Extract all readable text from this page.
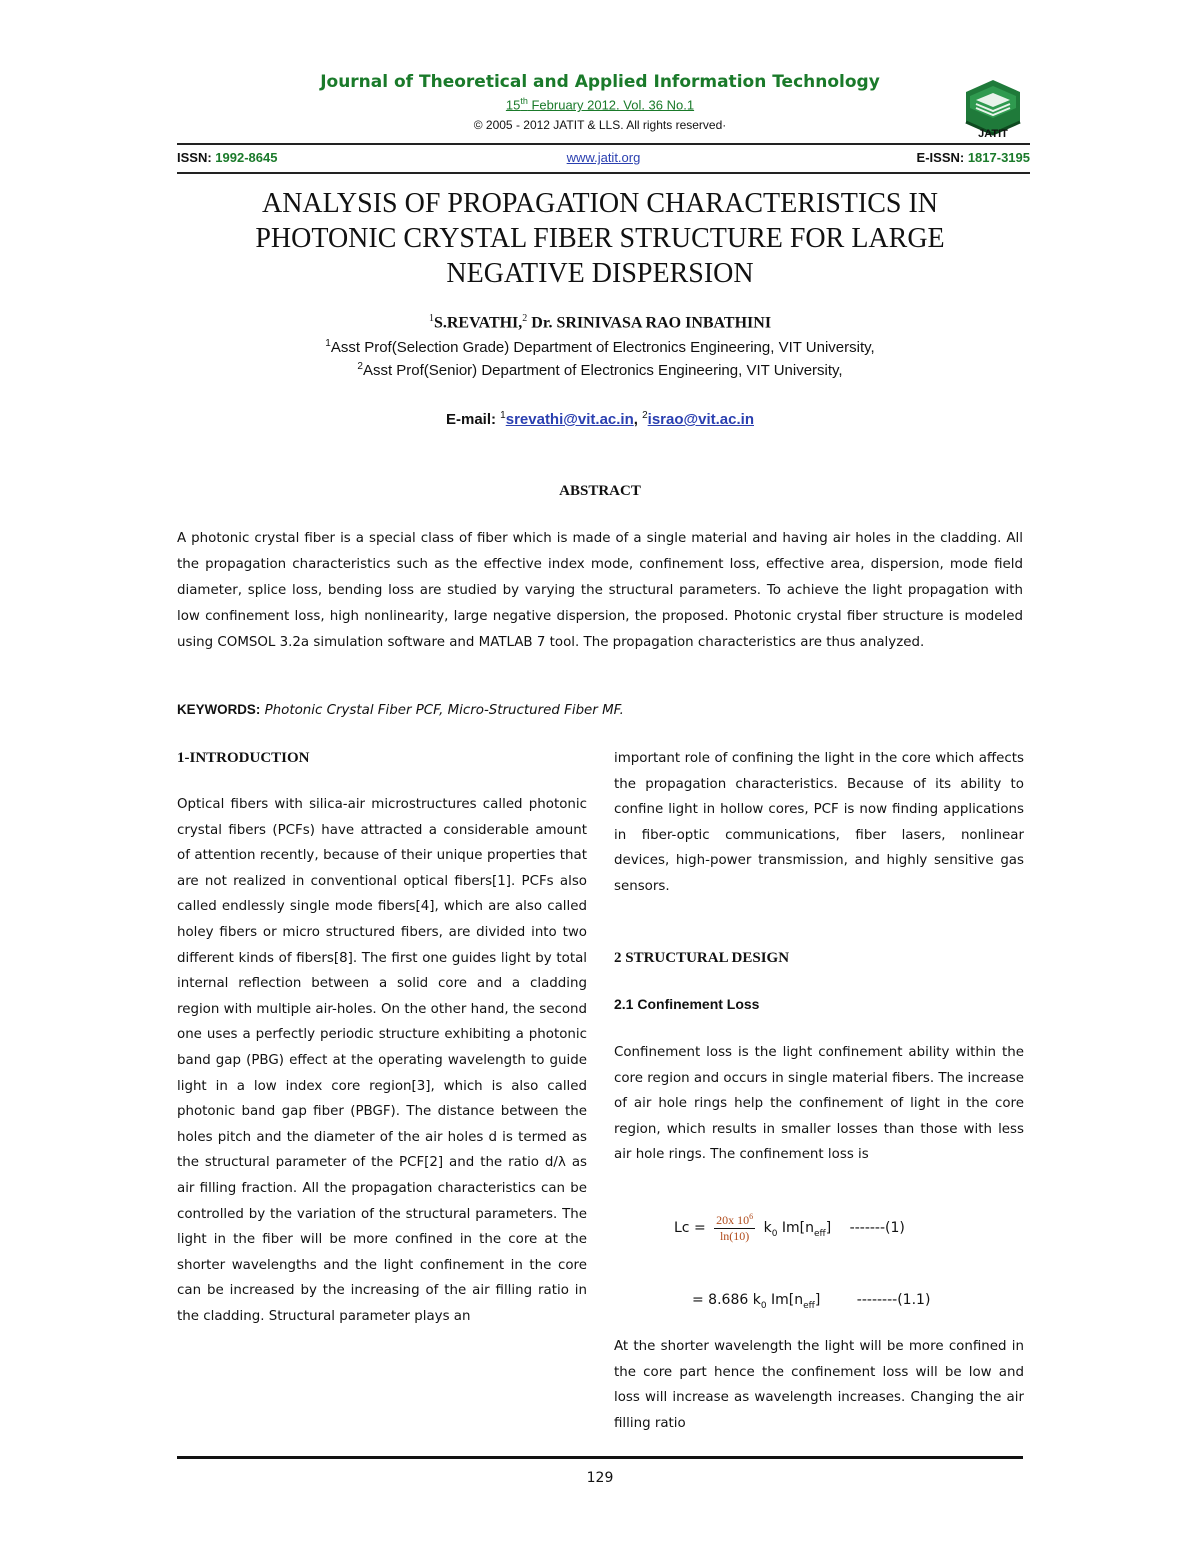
Journal of Theoretical and Applied Information Technology
15th February 2012. Vol. 36 No.1
© 2005 - 2012 JATIT & LLS. All rights reserved·
JATIT
ISSN: 1992-8645	www.jatit.org	E-ISSN: 1817-3195
ANALYSIS OF PROPAGATION CHARACTERISTICS IN
PHOTONIC CRYSTAL FIBER STRUCTURE FOR LARGE
NEGATIVE DISPERSION
$^1$S.REVATHI,$^2$ Dr. SRINIVASA RAO INBATHINI
$^1$Asst Prof(Selection Grade) Department of Electronics Engineering, VIT University,
$^2$Asst Prof(Senior) Department of Electronics Engineering, VIT University,
E-mail: $^1$srevathi@vit.ac.in, $^2$israo@vit.ac.in
ABSTRACT
A photonic crystal fiber is a special class of fiber which is made of a single material and having air holes in the cladding. All the propagation characteristics such as the effective index mode, confinement loss, effective area, dispersion, mode field diameter, splice loss, bending loss are studied by varying the structural parameters. To achieve the light propagation with low confinement loss, high nonlinearity, large negative dispersion, the proposed. Photonic crystal fiber structure is modeled using COMSOL 3.2a simulation software and MATLAB 7 tool. The propagation characteristics are thus analyzed.
KEYWORDS: Photonic Crystal Fiber PCF, Micro-Structured Fiber MF.
1-INTRODUCTION
Optical fibers with silica-air microstructures called photonic crystal fibers (PCFs) have attracted a considerable amount of attention recently, because of their unique properties that are not realized in conventional optical fibers[1]. PCFs also called endlessly single mode fibers[4], which are also called holey fibers or micro structured fibers, are divided into two different kinds of fibers[8]. The first one guides light by total internal reflection between a solid core and a cladding region with multiple air-holes. On the other hand, the second one uses a perfectly periodic structure exhibiting a photonic band gap (PBG) effect at the operating wavelength to guide light in a low index core region[3], which is also called photonic band gap fiber (PBGF). The distance between the holes pitch and the diameter of the air holes d is termed as the structural parameter of the PCF[2] and the ratio d/λ as air filling fraction. All the propagation characteristics can be controlled by the variation of the structural parameters. The light in the fiber will be more confined in the core at the shorter wavelengths and the light confinement in the core can be increased by the increasing of the air filling ratio in the cladding. Structural parameter plays an
important role of confining the light in the core which affects the propagation characteristics. Because of its ability to confine light in hollow cores, PCF is now finding applications in fiber-optic communications, fiber lasers, nonlinear devices, high-power transmission, and highly sensitive gas sensors.
2 STRUCTURAL DESIGN
2.1 Confinement Loss
Confinement loss is the light confinement ability within the core region and occurs in single material fibers. The increase of air hole rings help the confinement of light in the core region, which results in smaller losses than those with less air hole rings. The confinement loss is
$Lc = \frac{20x 10^6}{\ln(10)} k_0$ $Im[n_{eff}]$ -------(1)
= 8.686 $k_0$ $Im[n_{eff}]$	--------(1.1)
At the shorter wavelength the light will be more confined in the core part hence the confinement loss will be low and loss will increase as wavelength increases. Changing the air filling ratio
129
